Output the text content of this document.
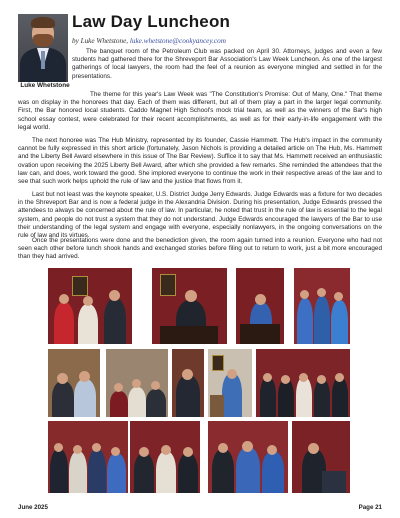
Luke Whetstone
Law Day Luncheon
by Luke Whetstone, luke.whetstone@cookyancey.com

The banquet room of the Petroleum Club was packed on April 30. Attorneys, judges and even a few students had gathered there for the Shreveport Bar Association's Law Week Luncheon. As one of the largest gatherings of local lawyers, the room had the feel of a reunion as everyone mingled and settled in for the presentations.

The theme for this year's Law Week was "The Constitution's Promise: Out of Many, One." That theme was on display in the honorees that day. Each of them was different, but all of them play a part in the larger legal community. First, the Bar honored local students. Caddo Magnet High School's mock trial team, as well as the winners of the Bar's high school essay contest, were celebrated for their recent accomplishments, as well as for their early-in-life engagement with the legal world.

The next honoree was The Hub Ministry, represented by its founder, Cassie Hammett. The Hub's impact in the community cannot be fully expressed in this short article (fortunately, Jason Nichols is providing a detailed article on The Hub, Ms. Hammett and the Liberty Bell Award elsewhere in this issue of The Bar Review). Suffice it to say that Ms. Hammett received an enthusiastic ovation upon receiving the 2025 Liberty Bell Award, after which she provided a few remarks. She reminded the attendees that the law can, and does, work toward the good. She implored everyone to continue the work in their respective areas of the law and to see that such work helps uphold the rule of law and the justice that flows from it.

Last but not least was the keynote speaker, U.S. District Judge Jerry Edwards. Judge Edwards was a fixture for two decades in the Shreveport Bar and is now a federal judge in the Alexandria Division. During his presentation, Judge Edwards pressed the attendees to always be concerned about the rule of law. In particular, he noted that trust in the rule of law is essential to the legal system, and people do not trust a system that they do not understand. Judge Edwards encouraged the lawyers of the Bar to use their understanding of the legal system and engage with everyone, especially nonlawyers, in the ongoing conversations on the rule of law and its virtues.

Once the presentations were done and the benediction given, the room again turned into a reunion. Everyone who had not seen each other before lunch shook hands and exchanged stories before filing out to return to work, just a bit more encouraged than they had arrived.

June 2025	Page 21
